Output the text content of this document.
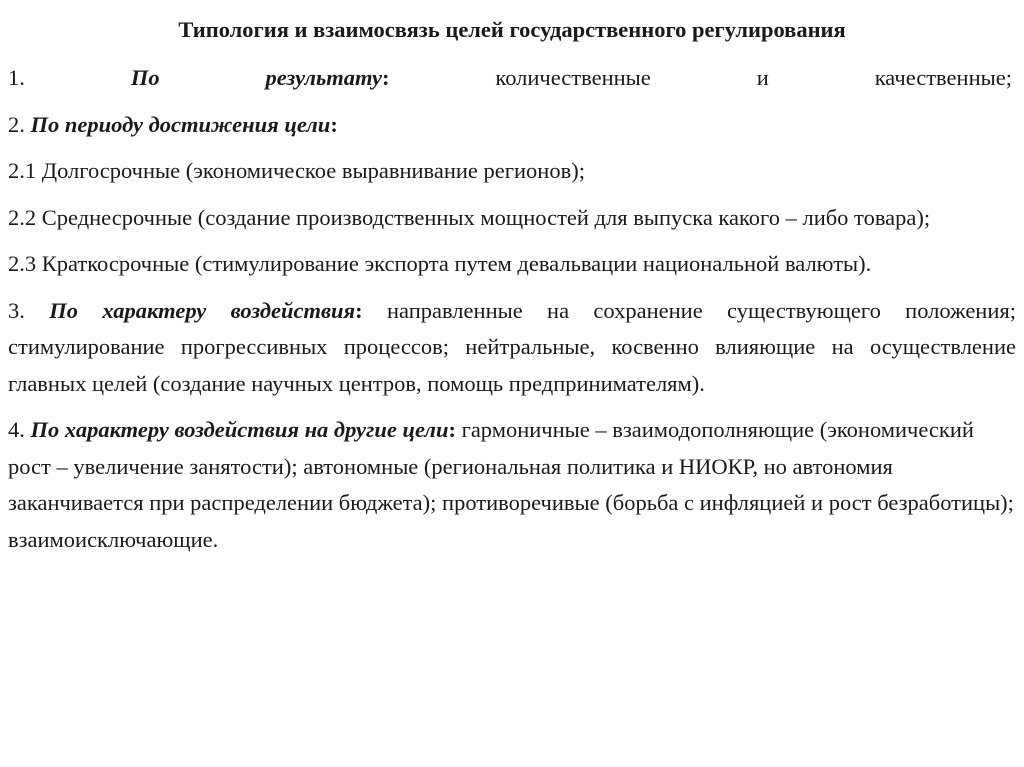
Типология и взаимосвязь целей государственного регулирования
1.	По	результату:	количественные	и	качественные;
2. По периоду достижения цели:
2.1 Долгосрочные (экономическое выравнивание регионов);
2.2 Среднесрочные (создание производственных мощностей для выпуска какого – либо товара);
2.3 Краткосрочные (стимулирование экспорта путем девальвации национальной валюты).
3. По характеру воздействия: направленные на сохранение существующего положения; стимулирование прогрессивных процессов; нейтральные, косвенно влияющие на осуществление главных целей (создание научных центров, помощь предпринимателям).
4. По характеру воздействия на другие цели: гармоничные – взаимодополняющие (экономический рост – увеличение занятости); автономные (региональная политика и НИОКР, но автономия заканчивается при распределении бюджета); противоречивые (борьба с инфляцией и рост безработицы); взаимоисключающие.
